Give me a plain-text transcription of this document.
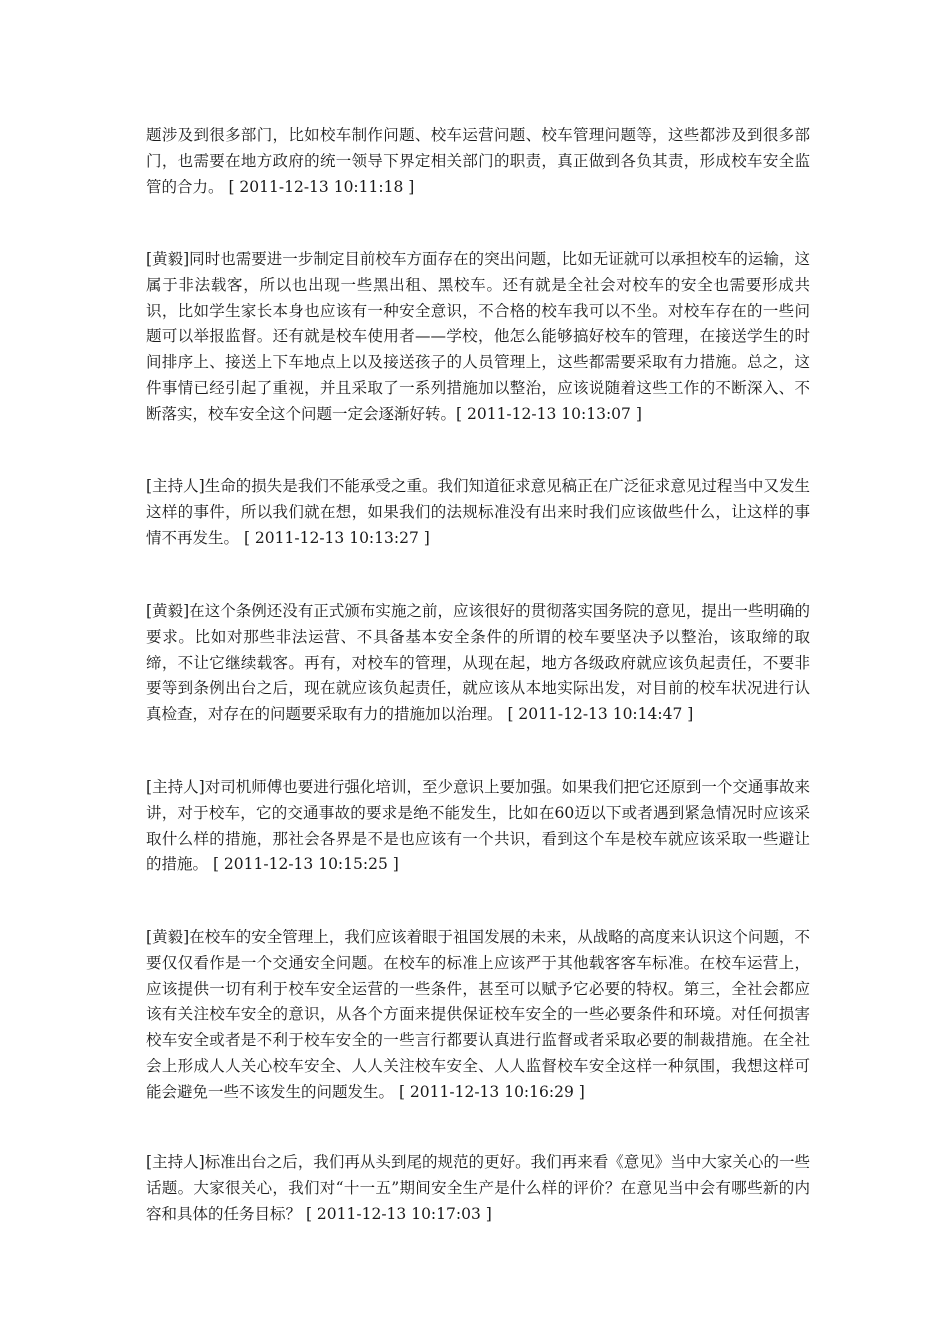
题涉及到很多部门，比如校车制作问题、校车运营问题、校车管理问题等，这些都涉及到很多部门，也需要在地方政府的统一领导下界定相关部门的职责，真正做到各负其责，形成校车安全监管的合力。 [ 2011-12-13 10:11:18 ]

[黄毅]同时也需要进一步制定目前校车方面存在的突出问题，比如无证就可以承担校车的运输，这属于非法载客，所以也出现一些黑出租、黑校车。还有就是全社会对校车的安全也需要形成共识，比如学生家长本身也应该有一种安全意识，不合格的校车我可以不坐。对校车存在的一些问题可以举报监督。还有就是校车使用者——学校，他怎么能够搞好校车的管理，在接送学生的时间排序上、接送上下车地点上以及接送孩子的人员管理上，这些都需要采取有力措施。总之，这件事情已经引起了重视，并且采取了一系列措施加以整治，应该说随着这些工作的不断深入、不断落实，校车安全这个问题一定会逐渐好转。[ 2011-12-13 10:13:07 ]

[主持人]生命的损失是我们不能承受之重。我们知道征求意见稿正在广泛征求意见过程当中又发生这样的事件，所以我们就在想，如果我们的法规标准没有出来时我们应该做些什么，让这样的事情不再发生。 [ 2011-12-13 10:13:27 ]

[黄毅]在这个条例还没有正式颁布实施之前，应该很好的贯彻落实国务院的意见，提出一些明确的要求。比如对那些非法运营、不具备基本安全条件的所谓的校车要坚决予以整治，该取缔的取缔，不让它继续载客。再有，对校车的管理，从现在起，地方各级政府就应该负起责任，不要非要等到条例出台之后，现在就应该负起责任，就应该从本地实际出发，对目前的校车状况进行认真检查，对存在的问题要采取有力的措施加以治理。 [ 2011-12-13 10:14:47 ]

[主持人]对司机师傅也要进行强化培训，至少意识上要加强。如果我们把它还原到一个交通事故来讲，对于校车，它的交通事故的要求是绝不能发生，比如在60迈以下或者遇到紧急情况时应该采取什么样的措施，那社会各界是不是也应该有一个共识，看到这个车是校车就应该采取一些避让的措施。 [ 2011-12-13 10:15:25 ]

[黄毅]在校车的安全管理上，我们应该着眼于祖国发展的未来，从战略的高度来认识这个问题，不要仅仅看作是一个交通安全问题。在校车的标准上应该严于其他载客客车标准。在校车运营上，应该提供一切有利于校车安全运营的一些条件，甚至可以赋予它必要的特权。第三，全社会都应该有关注校车安全的意识，从各个方面来提供保证校车安全的一些必要条件和环境。对任何损害校车安全或者是不利于校车安全的一些言行都要认真进行监督或者采取必要的制裁措施。在全社会上形成人人关心校车安全、人人关注校车安全、人人监督校车安全这样一种氛围，我想这样可能会避免一些不该发生的问题发生。 [ 2011-12-13 10:16:29 ]

[主持人]标准出台之后，我们再从头到尾的规范的更好。我们再来看《意见》当中大家关心的一些话题。大家很关心，我们对“十一五”期间安全生产是什么样的评价？在意见当中会有哪些新的内容和具体的任务目标？ [ 2011-12-13 10:17:03 ]
